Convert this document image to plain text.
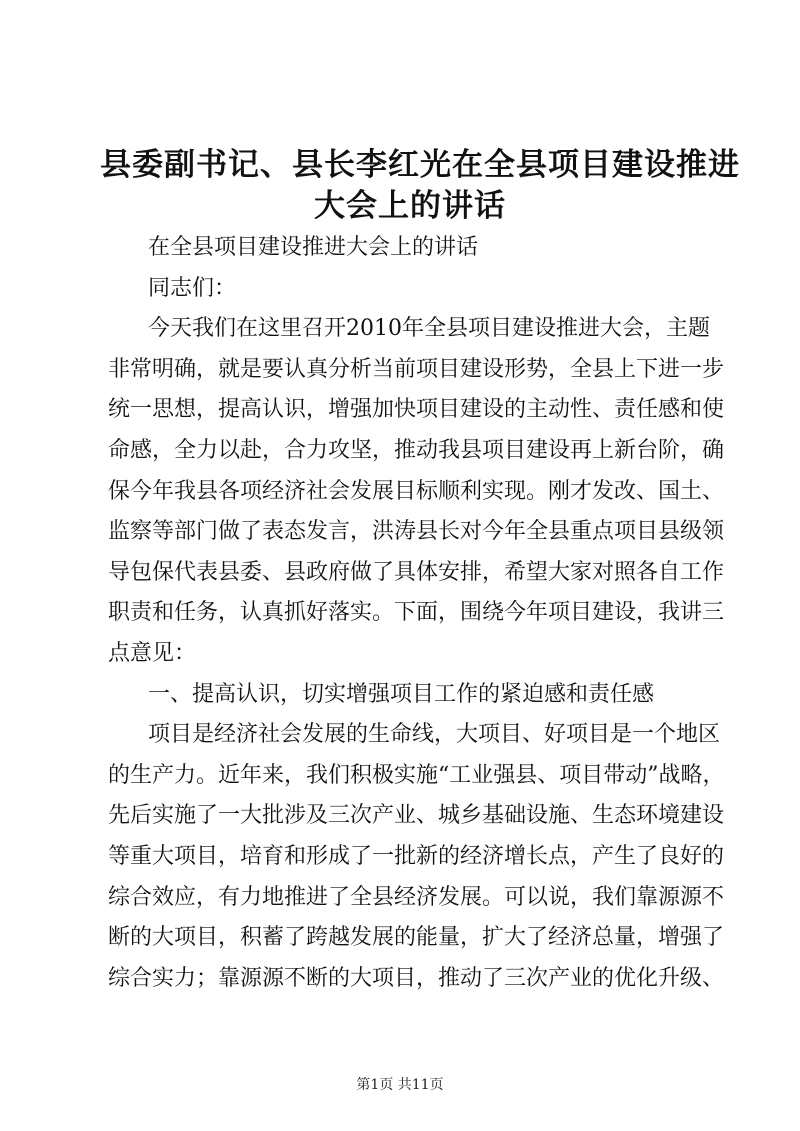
县委副书记、县长李红光在全县项目建设推进
大会上的讲话
在全县项目建设推进大会上的讲话
同志们：
今天我们在这里召开2010年全县项目建设推进大会，主题
非常明确，就是要认真分析当前项目建设形势，全县上下进一步
统一思想，提高认识，增强加快项目建设的主动性、责任感和使
命感，全力以赴，合力攻坚，推动我县项目建设再上新台阶，确
保今年我县各项经济社会发展目标顺利实现。刚才发改、国土、
监察等部门做了表态发言，洪涛县长对今年全县重点项目县级领
导包保代表县委、县政府做了具体安排，希望大家对照各自工作
职责和任务，认真抓好落实。下面，围绕今年项目建设，我讲三
点意见：
一、提高认识，切实增强项目工作的紧迫感和责任感
项目是经济社会发展的生命线，大项目、好项目是一个地区
的生产力。近年来，我们积极实施“工业强县、项目带动”战略，
先后实施了一大批涉及三次产业、城乡基础设施、生态环境建设
等重大项目，培育和形成了一批新的经济增长点，产生了良好的
综合效应，有力地推进了全县经济发展。可以说，我们靠源源不
断的大项目，积蓄了跨越发展的能量，扩大了经济总量，增强了
综合实力；靠源源不断的大项目，推动了三次产业的优化升级、
第1页 共11页
